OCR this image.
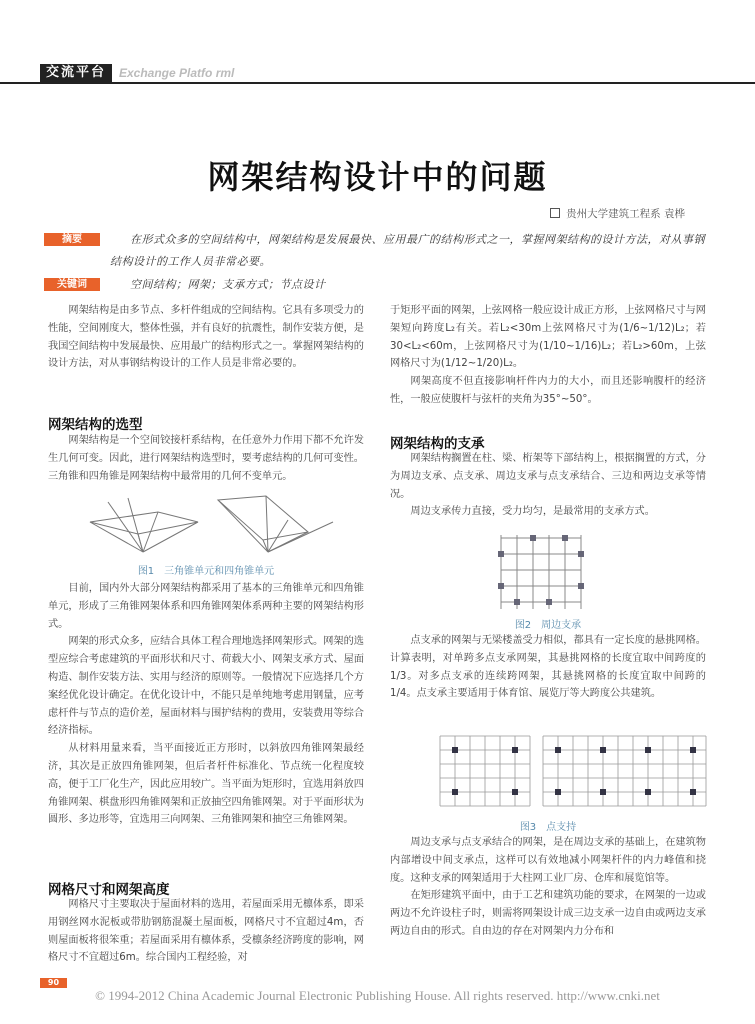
交流平台	Exchange Platfo rml
网架结构设计中的问题
贵州大学建筑工程系 袁桦
摘要	在形式众多的空间结构中，网架结构是发展最快、应用最广的结构形式之一，掌握网架结构的设计方法，对从事钢结构设计的工作人员非常必要。
关键词	空间结构；网架；支承方式；节点设计

网架结构是由多节点、多杆件组成的空间结构。它具有多项受力的性能，空间刚度大，整体性强，并有良好的抗震性，制作安装方便，是我国空间结构中发展最快、应用最广的结构形式之一。掌握网架结构的设计方法，对从事钢结构设计的工作人员是非常必要的。

网架结构的选型

网架结构是一个空间铰接杆系结构，在任意外力作用下都不允许发生几何可变。因此，进行网架结构选型时，要考虑结构的几何可变性。三角锥和四角锥是网架结构中最常用的几何不变单元。

图1　三角锥单元和四角锥单元

目前，国内外大部分网架结构都采用了基本的三角锥单元和四角锥单元，形成了三角锥网架体系和四角锥网架体系两种主要的网架结构形式。

网架的形式众多，应结合具体工程合理地选择网架形式。网架的选型应综合考虑建筑的平面形状和尺寸、荷载大小、网架支承方式、屋面构造、制作安装方法、实用与经济的原则等。一般情况下应选择几个方案经优化设计确定。在优化设计中，不能只是单纯地考虑用钢量，应考虑杆件与节点的造价差，屋面材料与围护结构的费用，安装费用等综合经济指标。

从材料用量来看，当平面接近正方形时，以斜放四角锥网架最经济，其次是正放四角锥网架，但后者杆件标准化、节点统一化程度较高，便于工厂化生产，因此应用较广。当平面为矩形时，宜选用斜放四角锥网架、棋盘形四角锥网架和正放抽空四角锥网架。对于平面形状为圆形、多边形等，宜选用三向网架、三角锥网架和抽空三角锥网架。

网格尺寸和网架高度

网格尺寸主要取决于屋面材料的选用，若屋面采用无檩体系，即采用钢丝网水泥板或带肋钢筋混凝土屋面板，网格尺寸不宜超过4m，否则屋面板将很笨重；若屋面采用有檩体系，受檩条经济跨度的影响，网格尺寸不宜超过6m。综合国内工程经验，对

于矩形平面的网架，上弦网格一般应设计成正方形，上弦网格尺寸与网架短向跨度L₂有关。若L₂<30m上弦网格尺寸为(1/6~1/12)L₂；若30<L₂<60m，上弦网格尺寸为(1/10~1/16)L₂；若L₂>60m，上弦网格尺寸为(1/12~1/20)L₂。

网架高度不但直接影响杆件内力的大小，而且还影响腹杆的经济性，一般应使腹杆与弦杆的夹角为35°~50°。

网架结构的支承

网架结构搁置在柱、梁、桁架等下部结构上，根据搁置的方式，分为周边支承、点支承、周边支承与点支承结合、三边和两边支承等情况。

周边支承传力直接，受力均匀，是最常用的支承方式。

图2　周边支承

点支承的网架与无梁楼盖受力相似，都具有一定长度的悬挑网格。计算表明，对单跨多点支承网架，其悬挑网格的长度宜取中间跨度的1/3。对多点支承的连续跨网架，其悬挑网格的长度宜取中间跨的1/4。点支承主要适用于体育馆、展览厅等大跨度公共建筑。

图3　点支持

周边支承与点支承结合的网架，是在周边支承的基础上，在建筑物内部增设中间支承点，这样可以有效地减小网架杆件的内力峰值和挠度。这种支承的网架适用于大柱网工业厂房、仓库和展览馆等。

在矩形建筑平面中，由于工艺和建筑功能的要求，在网架的一边或两边不允许设柱子时，则需将网架设计成三边支承一边自由或两边支承两边自由的形式。自由边的存在对网架内力分布和

90
© 1994-2012 China Academic Journal Electronic Publishing House. All rights reserved. http://www.cnki.net
